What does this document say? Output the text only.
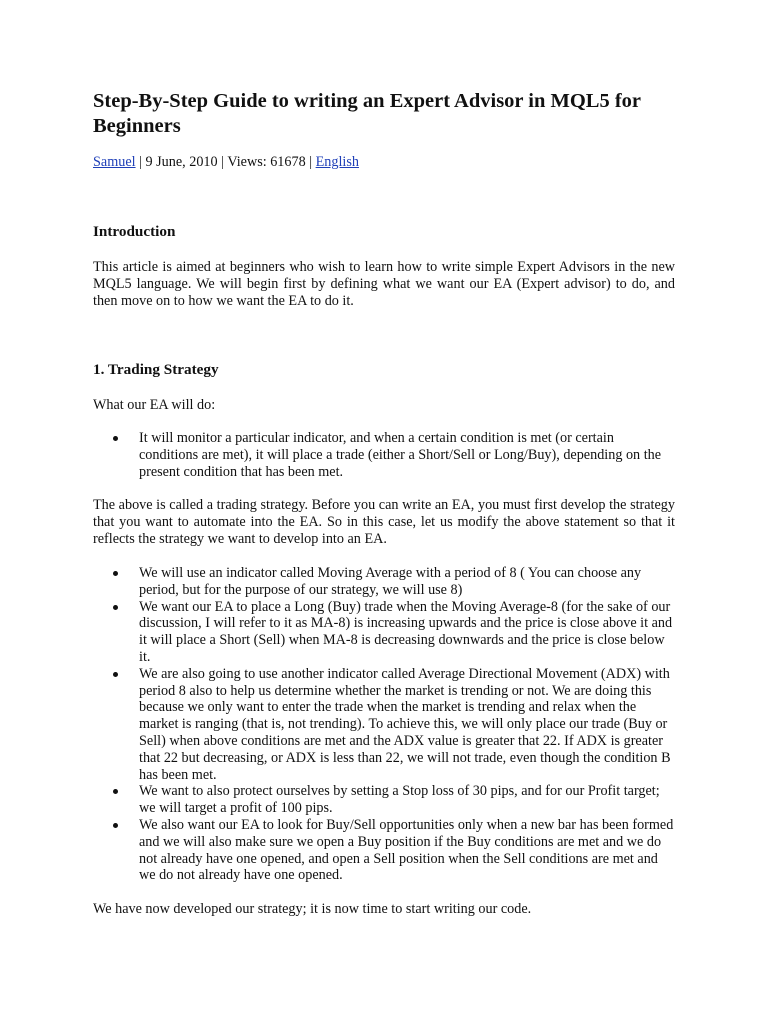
Step-By-Step Guide to writing an Expert Advisor in MQL5 for Beginners
Samuel | 9 June, 2010 | Views: 61678 | English
Introduction

This article is aimed at beginners who wish to learn how to write simple Expert Advisors in the new MQL5 language. We will begin first by defining what we want our EA (Expert advisor) to do, and then move on to how we want the EA to do it.

1. Trading Strategy

What our EA will do:

It will monitor a particular indicator, and when a certain condition is met (or certain conditions are met), it will place a trade (either a Short/Sell or Long/Buy), depending on the present condition that has been met.

The above is called a trading strategy. Before you can write an EA, you must first develop the strategy that you want to automate into the EA. So in this case, let us modify the above statement so that it reflects the strategy we want to develop into an EA.

We will use an indicator called Moving Average with a period of 8 ( You can choose any period, but for the purpose of our strategy, we will use 8)
We want our EA to place a Long (Buy) trade when the Moving Average-8 (for the sake of our discussion, I will refer to it as MA-8) is increasing upwards and the price is close above it and it will place a Short (Sell) when MA-8 is decreasing downwards and the price is close below it.
We are also going to use another indicator called Average Directional Movement (ADX) with period 8 also to help us determine whether the market is trending or not. We are doing this because we only want to enter the trade when the market is trending and relax when the market is ranging (that is, not trending). To achieve this, we will only place our trade (Buy or Sell) when above conditions are met and the ADX value is greater that 22. If ADX is greater that 22 but decreasing, or ADX is less than 22, we will not trade, even though the condition B has been met.
We want to also protect ourselves by setting a Stop loss of 30 pips, and for our Profit target; we will target a profit of 100 pips.
We also want our EA to look for Buy/Sell opportunities only when a new bar has been formed and we will also make sure we open a Buy position if the Buy conditions are met and we do not already have one opened, and open a Sell position when the Sell conditions are met and we do not already have one opened.

We have now developed our strategy; it is now time to start writing our code.
